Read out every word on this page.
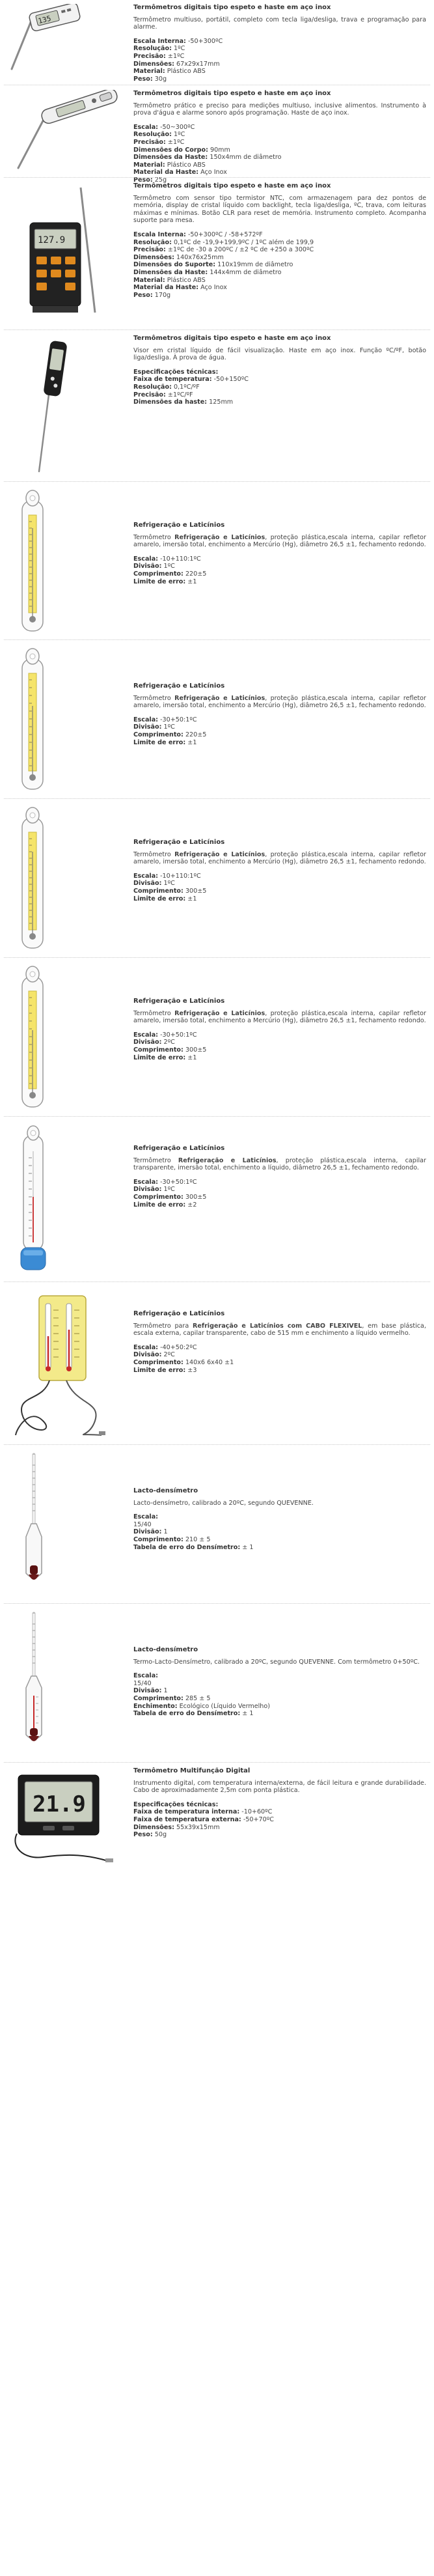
135

Termômetros digitais tipo espeto e haste em aço inox

Termômetro multiuso, portátil, completo com tecla liga/desliga, trava e programação para alarme.

Escala Interna: -50+300ºC

Resolução: 1ºC

Precisão: ±1ºC

Dimensões: 67x29x17mm

Material: Plástico ABS

Peso: 30g

Termômetros digitais tipo espeto e haste em aço inox

Termômetro prático e preciso para medições multiuso, inclusive alimentos. Instrumento à prova d'água e alarme sonoro após programação. Haste de aço inox.

Escala: -50~300ºC

Resolução: 1ºC

Precisão: ±1ºC

Dimensões do Corpo: 90mm

Dimensões da Haste: 150x4mm de diâmetro

Material: Plástico ABS

Material da Haste: Aço Inox

Peso: 25g

127.9

Termômetros digitais tipo espeto e haste em aço inox

Termômetro com sensor tipo termistor NTC, com armazenagem para dez pontos de memória, display de cristal líquido com backlight, tecla liga/desliga, ºC, trava, com leituras máximas e mínimas. Botão CLR para reset de memória. Instrumento completo. Acompanha suporte para mesa.

Escala Interna: -50+300ºC / -58+572ºF

Resolução: 0,1ºC de -19,9+199,9ºC / 1ºC além de 199,9

Precisão: ±1ºC de -30 a 200ºC / ±2 ºC de +250 a 300ºC

Dimensões: 140x76x25mm

Dimensões do Suporte: 110x19mm de diâmetro

Dimensões da Haste: 144x4mm de diâmetro

Material: Plástico ABS

Material da Haste: Aço Inox

Peso: 170g

Termômetros digitais tipo espeto e haste em aço inox

Visor em cristal líquido de fácil visualização. Haste em aço inox. Função ºC/ºF, botão liga/desliga. À prova de água.

Especificações técnicas:

Faixa de temperatura: -50+150ºC

Resolução: 0,1ºC/ºF

Precisão: ±1ºC/ºF

Dimensões da haste: 125mm

Refrigeração e Laticínios

Termômetro Refrigeração e Laticínios, proteção plástica,escala interna, capilar refletor amarelo, imersão total, enchimento a Mercúrio (Hg), diâmetro 26,5 ±1, fechamento redondo.

Escala: -10+110:1ºC

Divisão: 1ºC

Comprimento: 220±5

Limite de erro: ±1

Refrigeração e Laticínios

Termômetro Refrigeração e Laticínios, proteção plástica,escala interna, capilar refletor amarelo, imersão total, enchimento a Mercúrio (Hg), diâmetro 26,5 ±1, fechamento redondo.

Escala: -30+50:1ºC

Divisão: 1ºC

Comprimento: 220±5

Limite de erro: ±1

Refrigeração e Laticínios

Termômetro Refrigeração e Laticínios, proteção plástica,escala interna, capilar refletor amarelo, imersão total, enchimento a Mercúrio (Hg), diâmetro 26,5 ±1, fechamento redondo.

Escala: -10+110:1ºC

Divisão: 1ºC

Comprimento: 300±5

Limite de erro: ±1

Refrigeração e Laticínios

Termômetro Refrigeração e Laticínios, proteção plástica,escala interna, capilar refletor amarelo, imersão total, enchimento a Mercúrio (Hg), diâmetro 26,5 ±1, fechamento redondo.

Escala: -30+50:1ºC

Divisão: 2ºC

Comprimento: 300±5

Limite de erro: ±1

Refrigeração e Laticínios

Termômetro Refrigeração e Laticínios, proteção plástica,escala interna, capilar transparente, imersão total, enchimento a líquido, diâmetro 26,5 ±1, fechamento redondo.

Escala: -30+50:1ºC

Divisão: 1ºC

Comprimento: 300±5

Limite de erro: ±2

Refrigeração e Laticínios

Termômetro para Refrigeração e Laticínios com CABO FLEXIVEL, em base plástica, escala externa, capilar transparente, cabo de 515 mm e enchimento a líquido vermelho.

Escala: -40+50:2ºC

Divisão: 2ºC

Comprimento: 140x6 6x40 ±1

Limite de erro: ±3

Lacto-densímetro

Lacto-densímetro, calibrado a 20ºC, segundo QUEVENNE.

Escala:

15/40

Divisão: 1

Comprimento: 210 ± 5

Tabela de erro do Densímetro: ± 1

Lacto-densímetro

Termo-Lacto-Densímetro, calibrado a 20ºC, segundo QUEVENNE. Com termômetro 0+50ºC.

Escala:

15/40

Divisão: 1

Comprimento: 285 ± 5

Enchimento: Ecológico (Líquido Vermelho)

Tabela de erro do Densímetro: ± 1

21.9

Termômetro Multifunção Digital

Instrumento digital, com temperatura interna/externa, de fácil leitura e grande durabilidade. Cabo de aproximadamente 2,5m com ponta plástica.

Especificações técnicas:

Faixa de temperatura interna: -10+60ºC

Faixa de temperatura externa: -50+70ºC

Dimensões: 55x39x15mm

Peso: 50g
